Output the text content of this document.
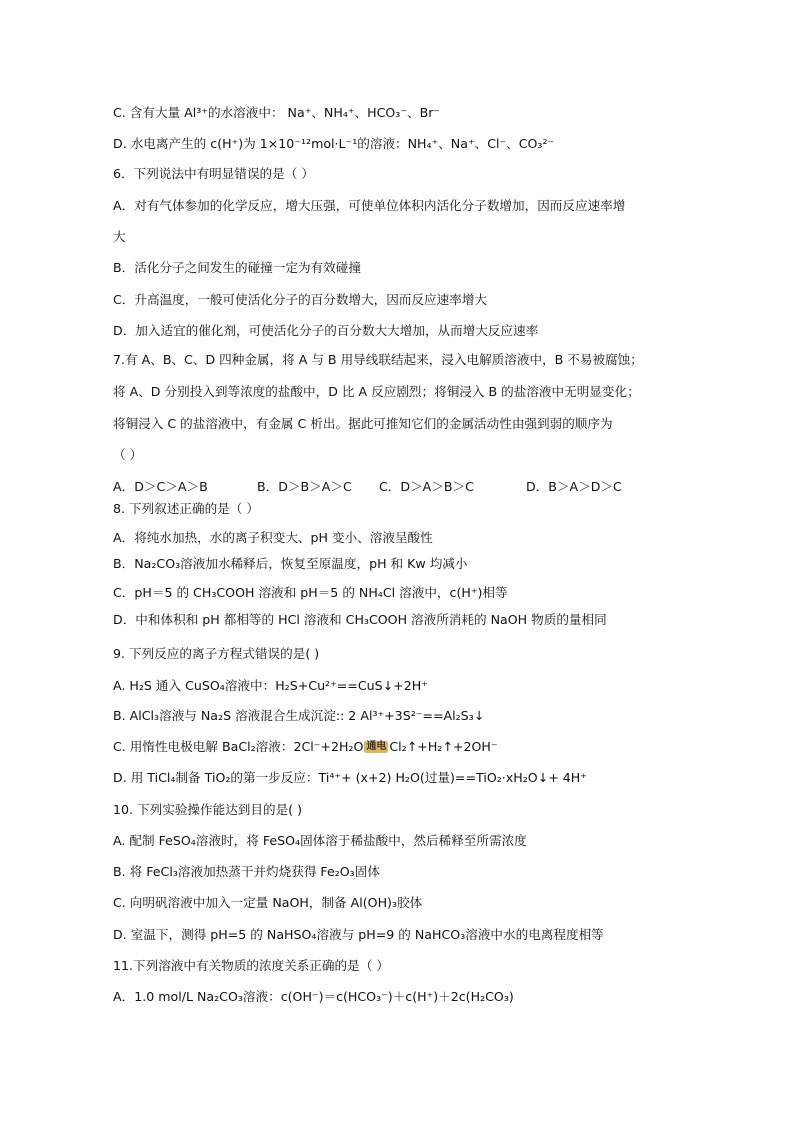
C. 含有大量 Al³⁺的水溶液中： Na⁺、NH₄⁺、HCO₃⁻、Br⁻
D. 水电离产生的 c(H⁺)为 1×10⁻¹²mol·L⁻¹的溶液：NH₄⁺、Na⁺、Cl⁻、CO₃²⁻
6．下列说法中有明显错误的是（ ）
A．对有气体参加的化学反应，增大压强，可使单位体积内活化分子数增加，因而反应速率增
大
B．活化分子之间发生的碰撞一定为有效碰撞
C．升高温度，一般可使活化分子的百分数增大，因而反应速率增大
D．加入适宜的催化剂，可使活化分子的百分数大大增加，从而增大反应速率
7.有 A、B、C、D 四种金属，将 A 与 B 用导线联结起来，浸入电解质溶液中，B 不易被腐蚀；
将 A、D 分别投入到等浓度的盐酸中，D 比 A 反应剧烈；将铜浸入 B 的盐溶液中无明显变化；
将铜浸入 C 的盐溶液中，有金属 C 析出。据此可推知它们的金属活动性由强到弱的顺序为
（ ）
A．D＞C＞A＞B	B．D＞B＞A＞C C．D＞A＞B＞C	D．B＞A＞D＞C
8. 下列叙述正确的是（ ）
A．将纯水加热，水的离子积变大、pH 变小、溶液呈酸性
B．Na₂CO₃溶液加水稀释后，恢复至原温度，pH 和 Kw 均减小
C．pH＝5 的 CH₃COOH 溶液和 pH＝5 的 NH₄Cl 溶液中，c(H⁺)相等
D．中和体积和 pH 都相等的 HCl 溶液和 CH₃COOH 溶液所消耗的 NaOH 物质的量相同
9. 下列反应的离子方程式错误的是( )
A. H₂S 通入 CuSO₄溶液中：H₂S+Cu²⁺==CuS↓+2H⁺
B. AlCl₃溶液与 Na₂S 溶液混合生成沉淀:: 2 Al³⁺+3S²⁻==Al₂S₃↓
C. 用惰性电极电解 BaCl₂溶液：2Cl⁻+2H₂O 通电 Cl₂↑+H₂↑+2OH⁻
D. 用 TiCl₄制备 TiO₂的第一步反应：Ti⁴⁺+ (x+2) H₂O(过量)==TiO₂·xH₂O↓+ 4H⁺
10. 下列实验操作能达到目的是( )
A. 配制 FeSO₄溶液时，将 FeSO₄固体溶于稀盐酸中，然后稀释至所需浓度
B. 将 FeCl₃溶液加热蒸干并灼烧获得 Fe₂O₃固体
C. 向明矾溶液中加入一定量 NaOH，制备 Al(OH)₃胶体
D. 室温下，测得 pH=5 的 NaHSO₄溶液与 pH=9 的 NaHCO₃溶液中水的电离程度相等
11.下列溶液中有关物质的浓度关系正确的是（ ）
A．1.0 mol/L Na₂CO₃溶液：c(OH⁻)＝c(HCO₃⁻)＋c(H⁺)＋2c(H₂CO₃)
